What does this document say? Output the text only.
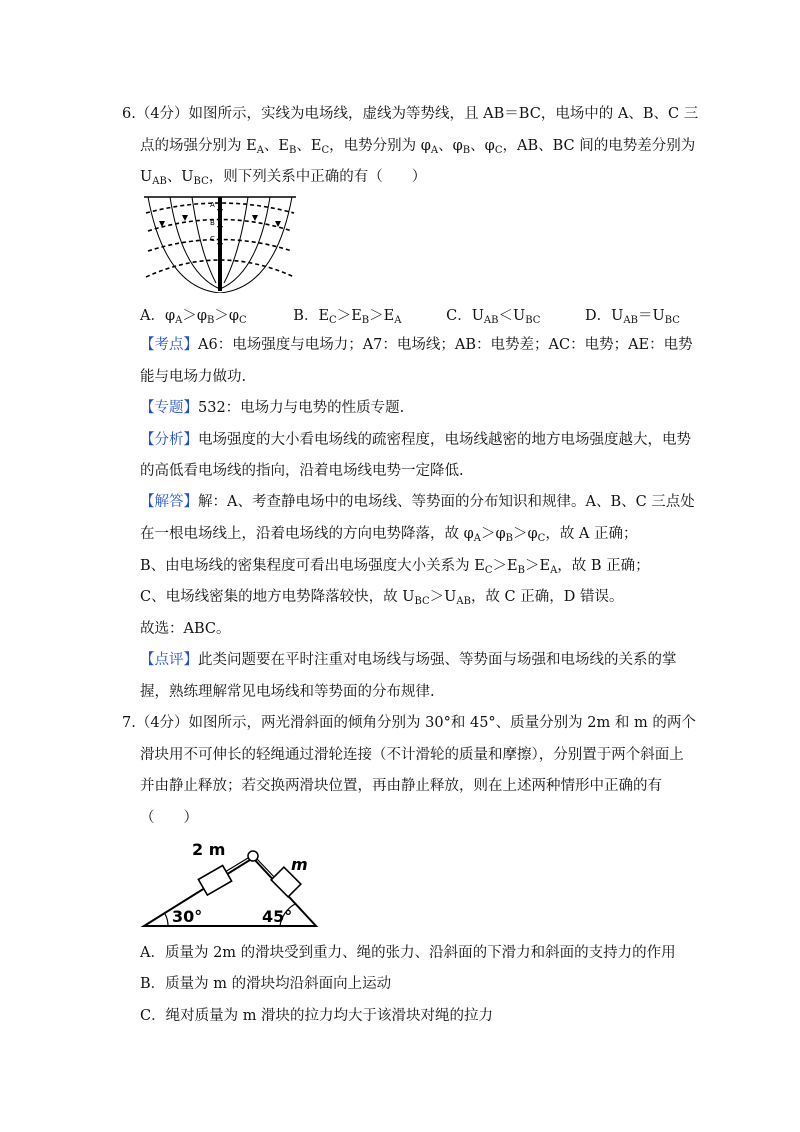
6.（4分）如图所示，实线为电场线，虚线为等势线，且 AB＝BC，电场中的 A、B、C 三
点的场强分别为 $E_A$、$E_B$、$E_C$，电势分别为 $\varphi_A$、$\varphi_B$、$\varphi_C$，AB、BC 间的电势差分别为
$U_{AB}$、$U_{BC}$，则下列关系中正确的有（　　）
A
B
C
A．$\varphi_A>\varphi_B>\varphi_C$	B．$E_C>E_B>E_A$	C．$U_{AB}<U_{BC}$	D．$U_{AB}=U_{BC}$
【考点】A6：电场强度与电场力；A7：电场线；AB：电势差；AC：电势；AE：电势
能与电场力做功.
【专题】532：电场力与电势的性质专题.
【分析】电场强度的大小看电场线的疏密程度，电场线越密的地方电场强度越大，电势
的高低看电场线的指向，沿着电场线电势一定降低.
【解答】解：A、考查静电场中的电场线、等势面的分布知识和规律。A、B、C 三点处
在一根电场线上，沿着电场线的方向电势降落，故 $\varphi_A>\varphi_B>\varphi_C$，故 A 正确；
B、由电场线的密集程度可看出电场强度大小关系为 $E_C>E_B>E_A$，故 B 正确；
C、电场线密集的地方电势降落较快，故 $U_{BC}>U_{AB}$，故 C 正确，D 错误。
故选：ABC。
【点评】此类问题要在平时注重对电场线与场强、等势面与场强和电场线的关系的掌
握，熟练理解常见电场线和等势面的分布规律.
7.（4分）如图所示，两光滑斜面的倾角分别为 30°和 45°、质量分别为 2m 和 m 的两个
滑块用不可伸长的轻绳通过滑轮连接（不计滑轮的质量和摩擦），分别置于两个斜面上
并由静止释放；若交换两滑块位置，再由静止释放，则在上述两种情形中正确的有
（　　）
2 m
m
30°	45°
A．质量为 2m 的滑块受到重力、绳的张力、沿斜面的下滑力和斜面的支持力的作用
B．质量为 m 的滑块均沿斜面向上运动
C．绳对质量为 m 滑块的拉力均大于该滑块对绳的拉力
